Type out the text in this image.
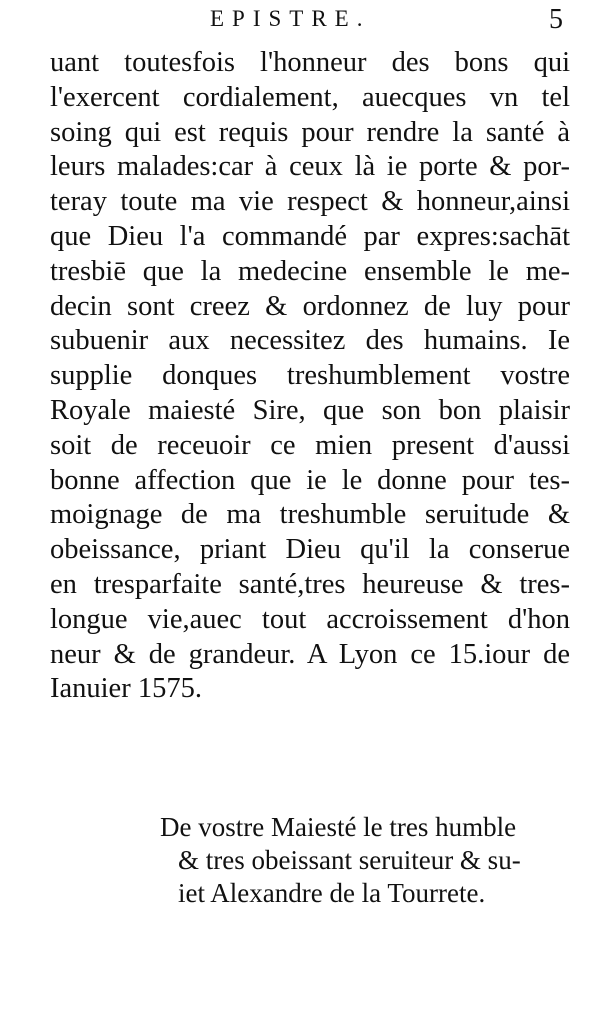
EPISTRE.	5
uant toutesfois l'honneur des bons qui
l'exercent cordialement, auecques vn tel
soing qui est requis pour rendre la santé à
leurs malades:car à ceux là ie porte & por-
teray toute ma vie respect & honneur,ainsi
que Dieu l'a commandé par expres:sachāt
tresbiē que la medecine ensemble le me-
decin sont creez & ordonnez de luy pour
subuenir aux necessitez des humains. Ie
supplie donques treshumblement vostre
Royale maiesté Sire, que son bon plaisir
soit de receuoir ce mien present d'aussi
bonne affection que ie le donne pour tes-
moignage de ma treshumble seruitude &
obeissance, priant Dieu qu'il la conserue
en tresparfaite santé,tres heureuse & tres-
longue vie,auec tout accroissement d'hon
neur & de grandeur. A Lyon ce 15.iour de
Ianuier 1575.
De vostre Maiesté le tres humble
& tres obeissant seruiteur & su-
iet Alexandre de la Tourrete.
